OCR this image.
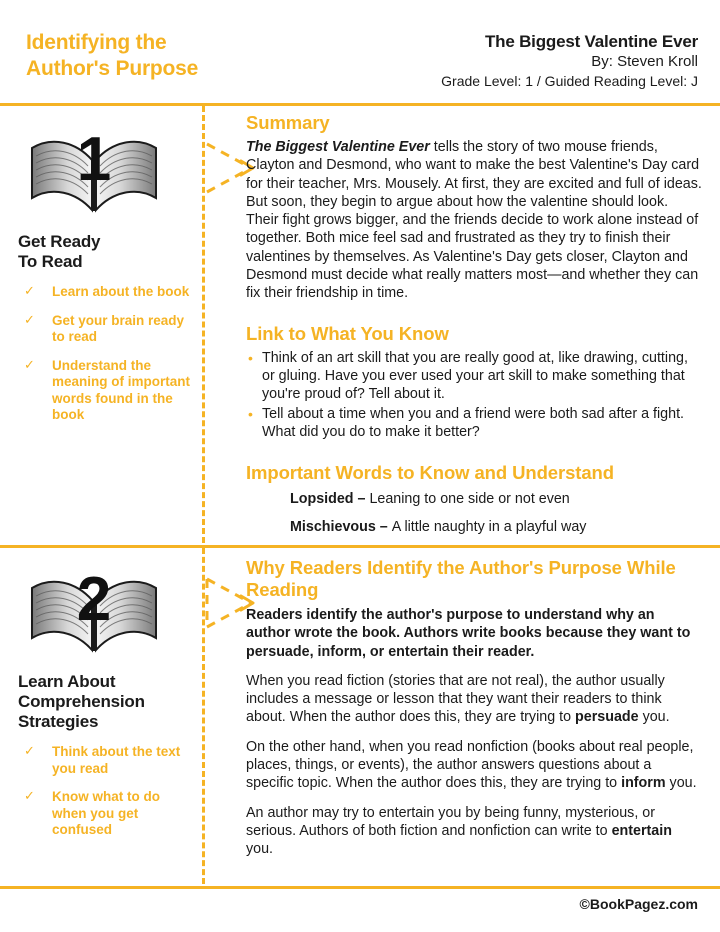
Identifying the
Author's Purpose
The Biggest Valentine Ever
By: Steven Kroll
Grade Level: 1 / Guided Reading Level: J
1
Get Ready
To Read
✓ Learn about the book
✓ Get your brain ready to read
✓ Understand the meaning of important words found in the book
Summary

The Biggest Valentine Ever tells the story of two mouse friends, Clayton and Desmond, who want to make the best Valentine's Day card for their teacher, Mrs. Mousely. At first, they are excited and full of ideas. But soon, they begin to argue about how the valentine should look. Their fight grows bigger, and the friends decide to work alone instead of together. Both mice feel sad and frustrated as they try to finish their valentines by themselves. As Valentine's Day gets closer, Clayton and Desmond must decide what really matters most—and whether they can fix their friendship in time.

Link to What You Know
• Think of an art skill that you are really good at, like drawing, cutting, or gluing. Have you ever used your art skill to make something that you're proud of? Tell about it.
• Tell about a time when you and a friend were both sad after a fight. What did you do to make it better?
Important Words to Know and Understand
Lopsided – Leaning to one side or not even
Mischievous – A little naughty in a playful way
2
Learn About
Comprehension
Strategies
✓ Think about the text you read
✓ Know what to do when you get confused
Why Readers Identify the Author's Purpose While Reading

Readers identify the author's purpose to understand why an author wrote the book. Authors write books because they want to persuade, inform, or entertain their reader.

When you read fiction (stories that are not real), the author usually includes a message or lesson that they want their readers to think about. When the author does this, they are trying to persuade you.

On the other hand, when you read nonfiction (books about real people, places, things, or events), the author answers questions about a specific topic. When the author does this, they are trying to inform you.

An author may try to entertain you by being funny, mysterious, or serious. Authors of both fiction and nonfiction can write to entertain you.

©BookPagez.com
